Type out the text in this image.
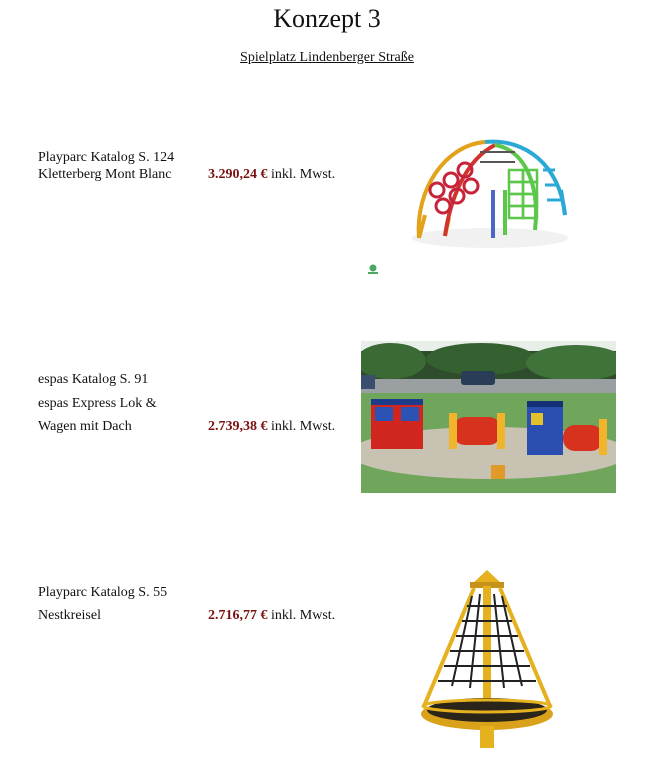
Konzept 3
Spielplatz Lindenberger Straße
Playparc Katalog S. 124
Kletterberg Mont Blanc	3.290,24 € inkl. Mwst.
espas Katalog S. 91
espas Express Lok &
Wagen mit Dach	2.739,38 € inkl. Mwst.
Playparc Katalog S. 55
Nestkreisel	2.716,77 € inkl. Mwst.
